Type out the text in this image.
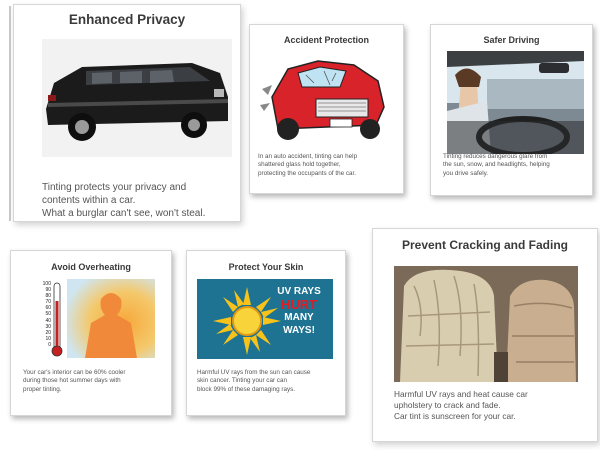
Enhanced Privacy
Tinting protects your privacy and
contents within a car.
What a burglar can't see, won't steal.
Accident Protection
In an auto accident, tinting can help
shattered glass hold together,
protecting the occupants of the car.
Safer Driving
Tinting reduces dangerous glare from
the sun, snow, and headlights, helping
you drive safely.
Avoid Overheating
100
90
80
70
60
50
40
30
20
10
0
Your car's interior can be 60% cooler
during those hot summer days with
proper tinting.
Protect Your Skin
UV RAYS
HURT
MANY
WAYS!
Harmful UV rays from the sun can cause
skin cancer. Tinting your car can
block 99% of these damaging rays.
Prevent Cracking and Fading
Harmful UV rays and heat cause car
upholstery to crack and fade.
Car tint is sunscreen for your car.
